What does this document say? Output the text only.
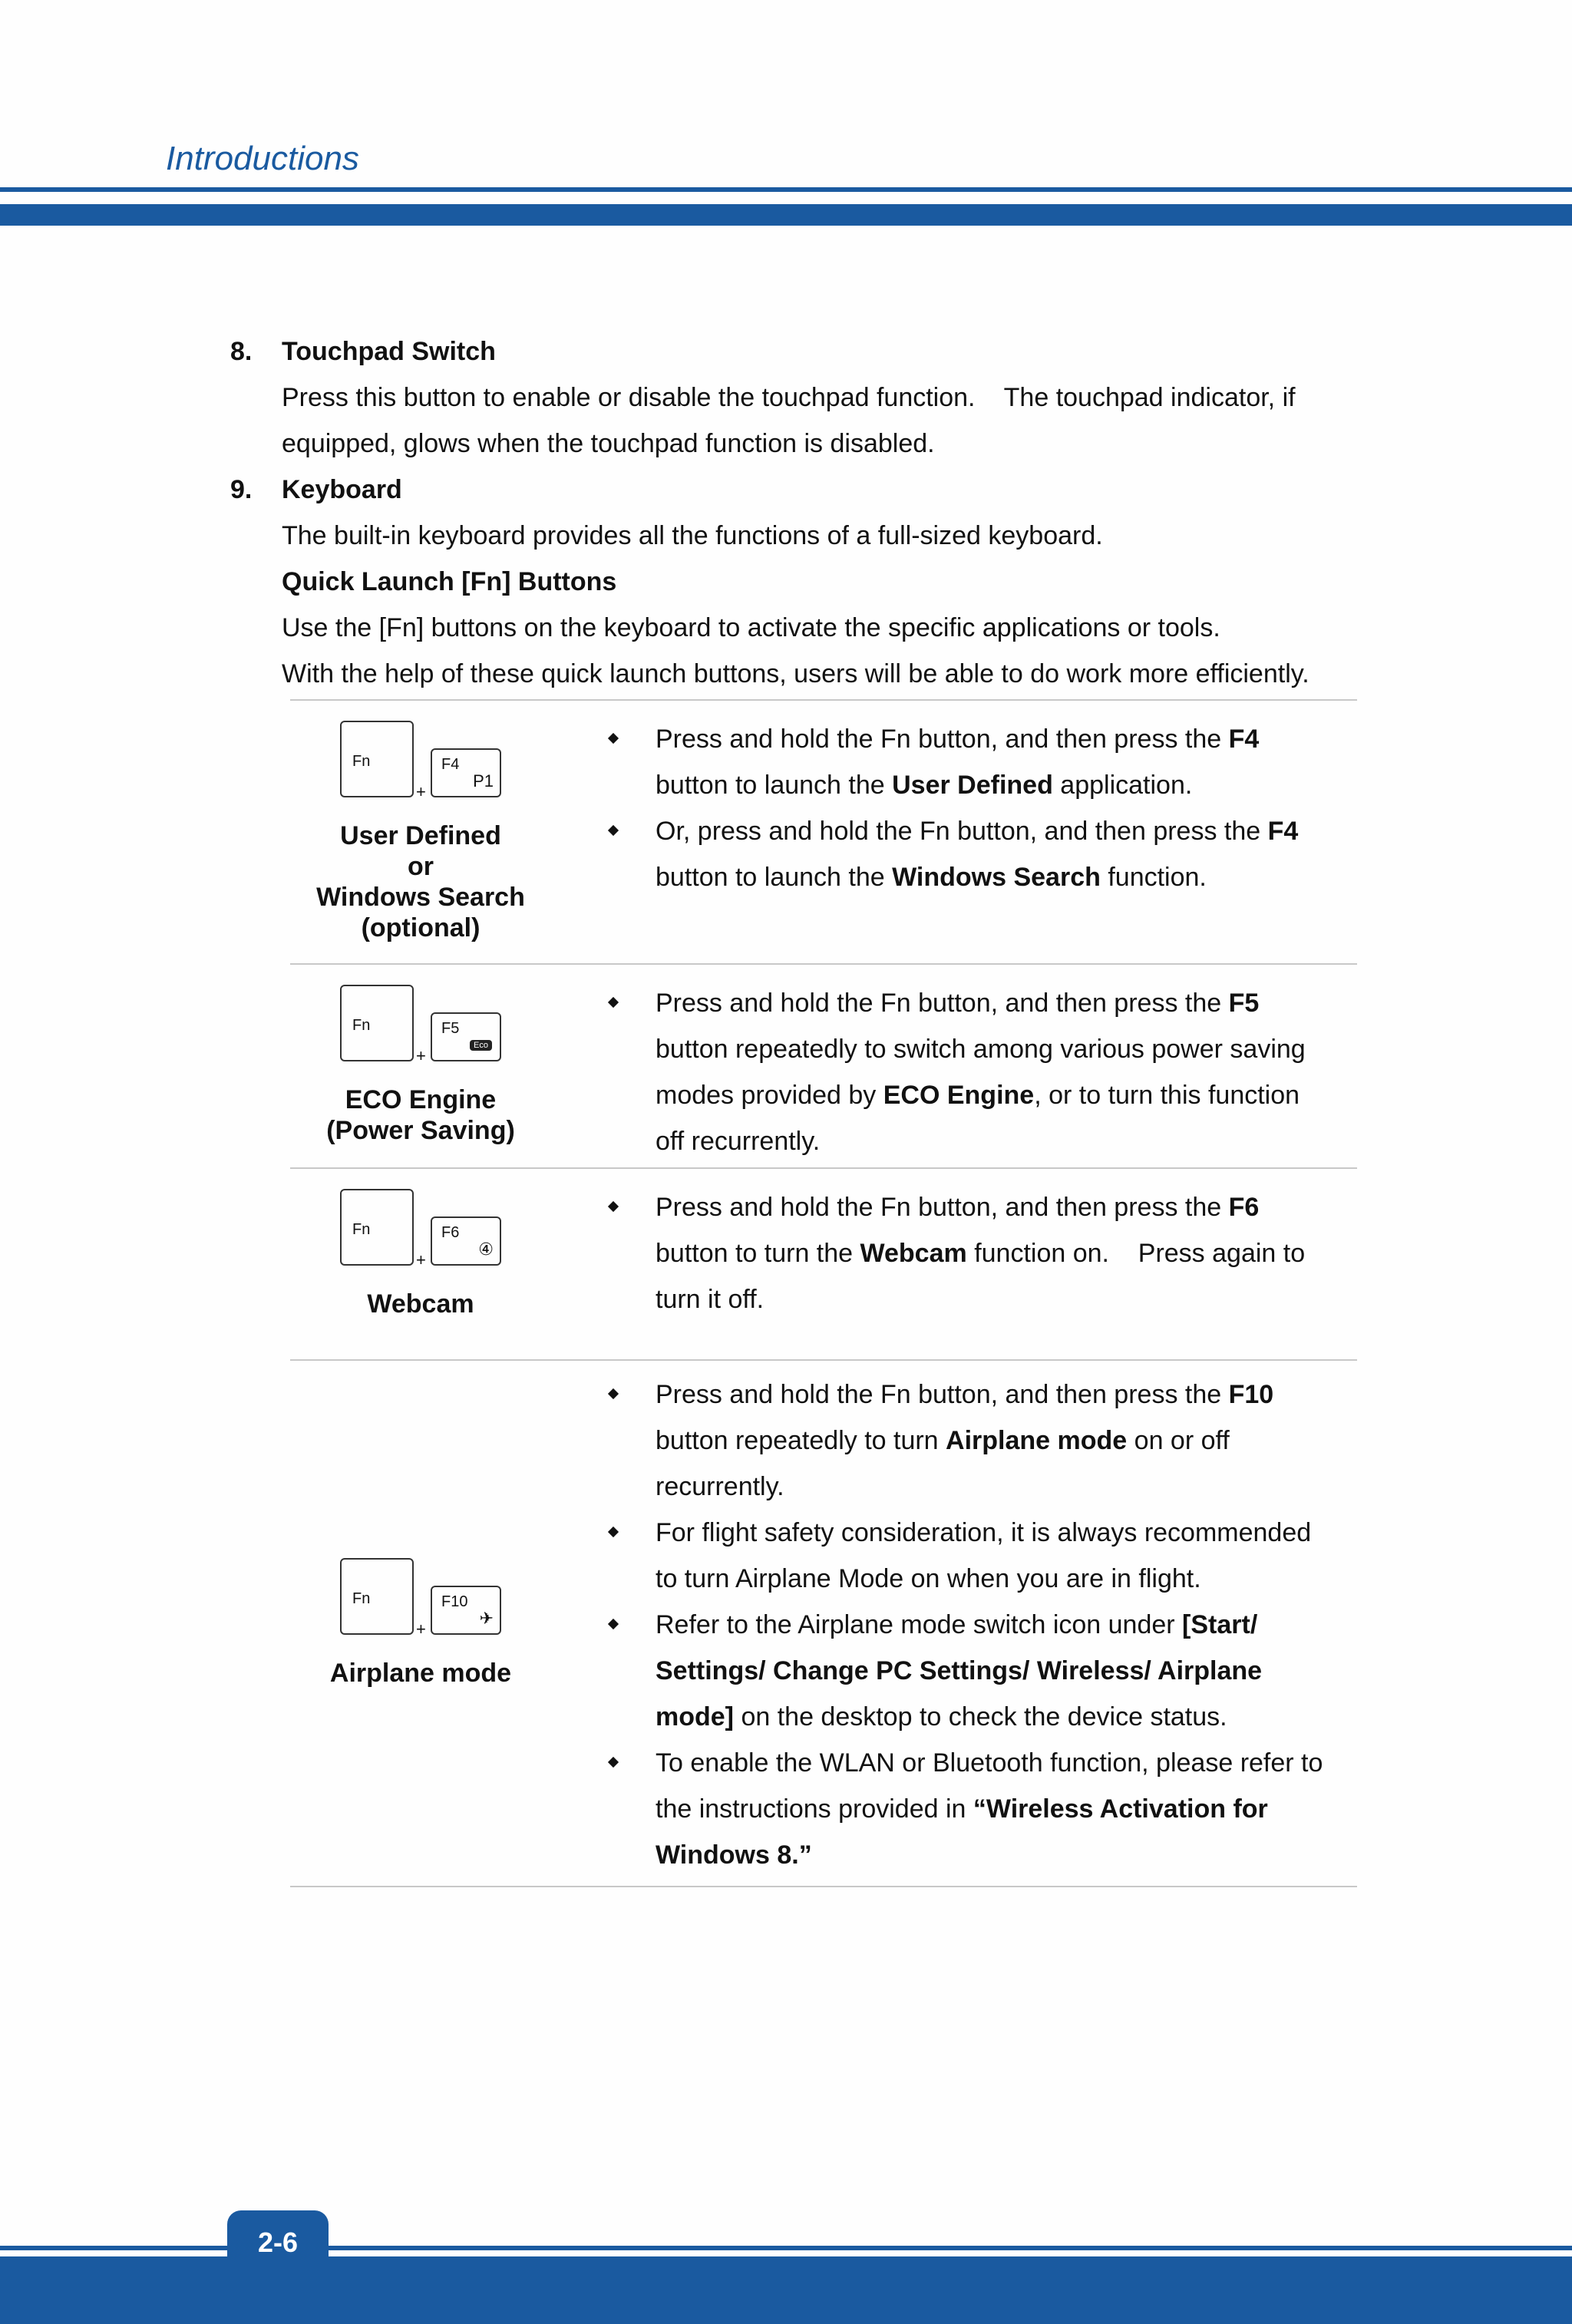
Introductions
8.	Touchpad Switch
Press this button to enable or disable the touchpad function.    The touchpad indicator, if
equipped, glows when the touchpad function is disabled.
9.	Keyboard
The built-in keyboard provides all the functions of a full-sized keyboard.
Quick Launch [Fn] Buttons
Use the [Fn] buttons on the keyboard to activate the specific applications or tools.
With the help of these quick launch buttons, users will be able to do work more efficiently.
Fn
+
F4
P1
User Defined
or
Windows Search
(optional)
Press and hold the Fn button, and then press the F4 button to launch the User Defined application.
Or, press and hold the Fn button, and then press the F4 button to launch the Windows Search function.
Fn
+
F5
Eco
ECO Engine
(Power Saving)
Press and hold the Fn button, and then press the F5 button repeatedly to switch among various power saving modes provided by ECO Engine, or to turn this function off recurrently.
Fn
+
F6
④
Webcam
Press and hold the Fn button, and then press the F6 button to turn the Webcam function on.    Press again to turn it off.
Fn
+
F10
✈
Airplane mode
Press and hold the Fn button, and then press the F10 button repeatedly to turn Airplane mode on or off recurrently.
For flight safety consideration, it is always recommended to turn Airplane Mode on when you are in flight.
Refer to the Airplane mode switch icon under [Start/ Settings/ Change PC Settings/ Wireless/ Airplane mode] on the desktop to check the device status.
To enable the WLAN or Bluetooth function, please refer to the instructions provided in “Wireless Activation for Windows 8.”
2-6
